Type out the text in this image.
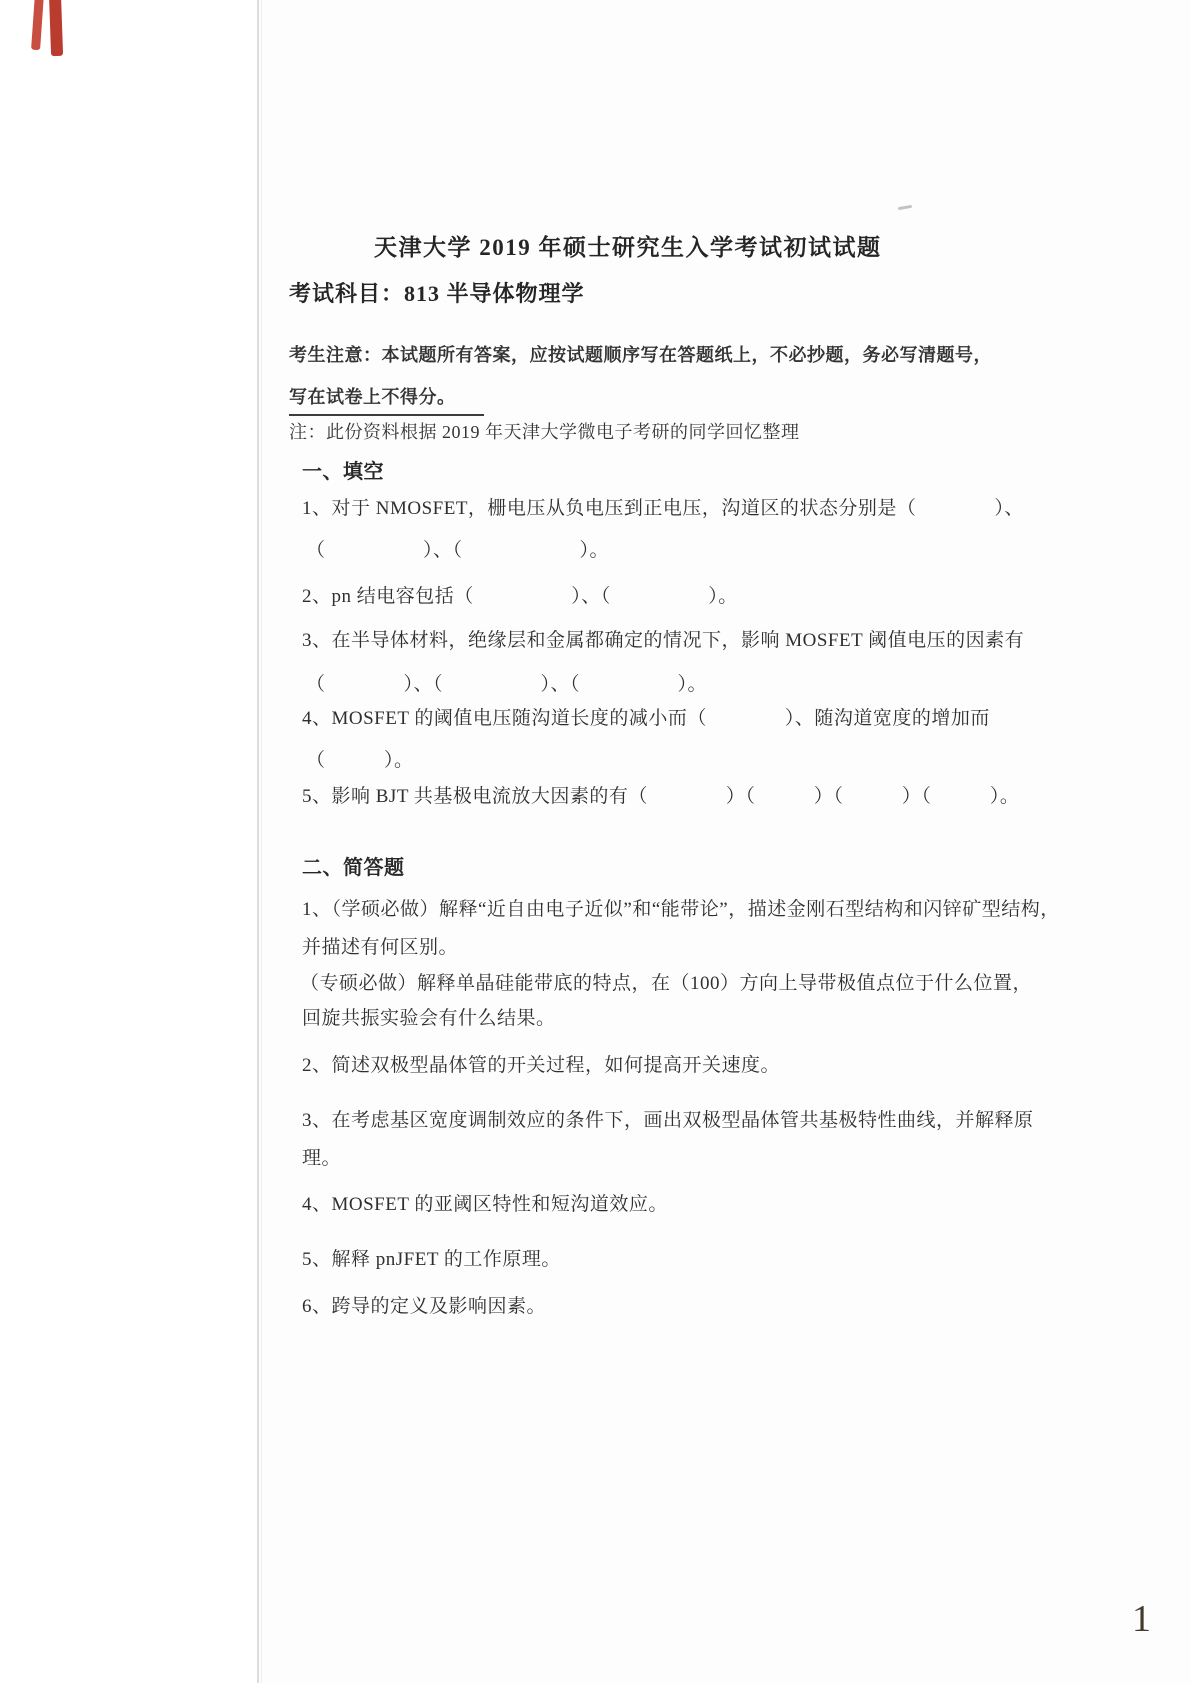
天津大学 2019 年硕士研究生入学考试初试试题
考试科目：813 半导体物理学
考生注意：本试题所有答案，应按试题顺序写在答题纸上，不必抄题，务必写清题号，
写在试卷上不得分。
注：此份资料根据 2019 年天津大学微电子考研的同学回忆整理
一、填空
1、对于 NMOSFET，栅电压从负电压到正电压，沟道区的状态分别是（　　　　）、
（　　　　　）、（　　　　　　）。
2、pn 结电容包括（　　　　　）、（　　　　　）。
3、在半导体材料，绝缘层和金属都确定的情况下，影响 MOSFET 阈值电压的因素有
（　　　　）、（　　　　　）、（　　　　　）。
4、MOSFET 的阈值电压随沟道长度的减小而（　　　　）、随沟道宽度的增加而
（　　　）。
5、影响 BJT 共基极电流放大因素的有（　　　　）（　　　）（　　　）（　　　）。
二、简答题
1、（学硕必做）解释“近自由电子近似”和“能带论”，描述金刚石型结构和闪锌矿型结构，
并描述有何区别。
（专硕必做）解释单晶硅能带底的特点，在（100）方向上导带极值点位于什么位置，
回旋共振实验会有什么结果。
2、简述双极型晶体管的开关过程，如何提高开关速度。
3、在考虑基区宽度调制效应的条件下，画出双极型晶体管共基极特性曲线，并解释原
理。
4、MOSFET 的亚阈区特性和短沟道效应。
5、解释 pnJFET 的工作原理。
6、跨导的定义及影响因素。
1
